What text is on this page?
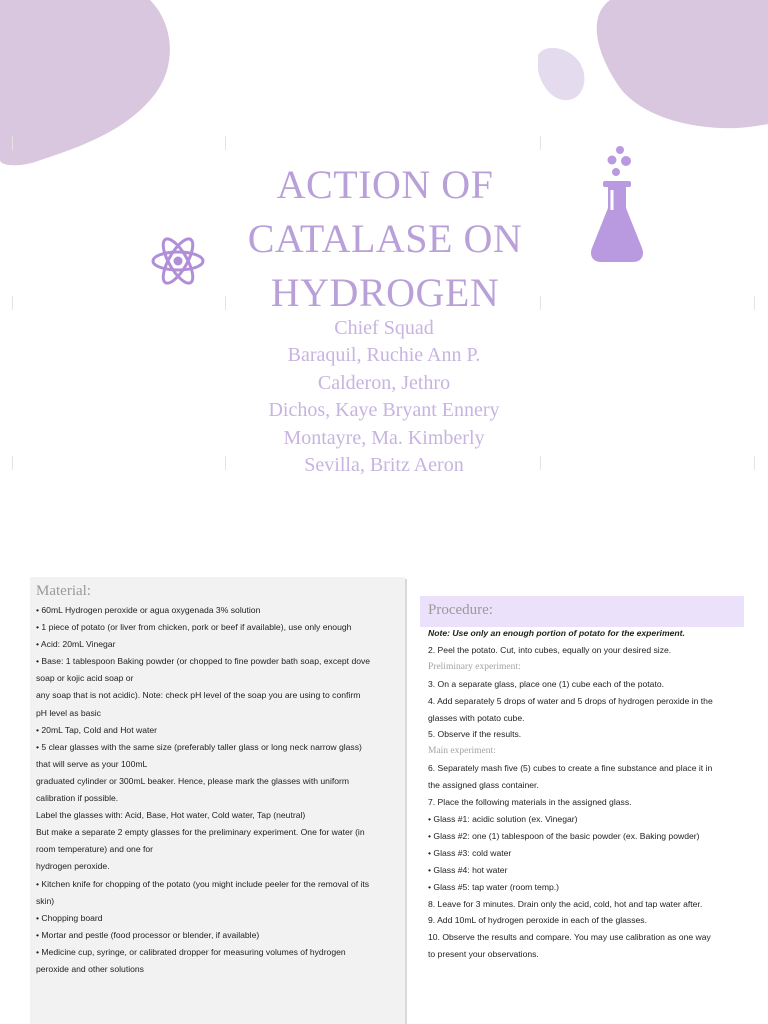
ACTION OF
CATALASE ON
HYDROGEN
Chief Squad
Baraquil, Ruchie Ann P.
Calderon, Jethro
Dichos, Kaye Bryant Ennery
Montayre, Ma. Kimberly
Sevilla, Britz Aeron
Material:
• 60mL Hydrogen peroxide or agua oxygenada 3% solution
• 1 piece of potato (or liver from chicken, pork or beef if available), use only enough
• Acid: 20mL Vinegar
• Base: 1 tablespoon Baking powder (or chopped to fine powder bath soap, except dove
soap or kojic acid soap or
any soap that is not acidic). Note: check pH level of the soap you are using to confirm
pH level as basic
• 20mL Tap, Cold and Hot water
• 5 clear glasses with the same size (preferably taller glass or long neck narrow glass)
that will serve as your 100mL
graduated cylinder or 300mL beaker. Hence, please mark the glasses with uniform
calibration if possible.
Label the glasses with: Acid, Base, Hot water, Cold water, Tap (neutral)
But make a separate 2 empty glasses for the preliminary experiment. One for water (in
room temperature) and one for
hydrogen peroxide.
• Kitchen knife for chopping of the potato (you might include peeler for the removal of its
skin)
• Chopping board
• Mortar and pestle (food processor or blender, if available)
• Medicine cup, syringe, or calibrated dropper for measuring volumes of hydrogen
peroxide and other solutions
Procedure:
Note: Use only an enough portion of potato for the experiment.
2. Peel the potato. Cut, into cubes, equally on your desired size.
Preliminary experiment:
3. On a separate glass, place one (1) cube each of the potato.
4. Add separately 5 drops of water and 5 drops of hydrogen peroxide in the
glasses with potato cube.
5. Observe if the results.
Main experiment:
6. Separately mash five (5) cubes to create a fine substance and place it in
the assigned glass container.
7. Place the following materials in the assigned glass.
• Glass #1: acidic solution (ex. Vinegar)
• Glass #2: one (1) tablespoon of the basic powder (ex. Baking powder)
• Glass #3: cold water
• Glass #4: hot water
• Glass #5: tap water (room temp.)
8. Leave for 3 minutes. Drain only the acid, cold, hot and tap water after.
9. Add 10mL of hydrogen peroxide in each of the glasses.
10. Observe the results and compare. You may use calibration as one way
to present your observations.
